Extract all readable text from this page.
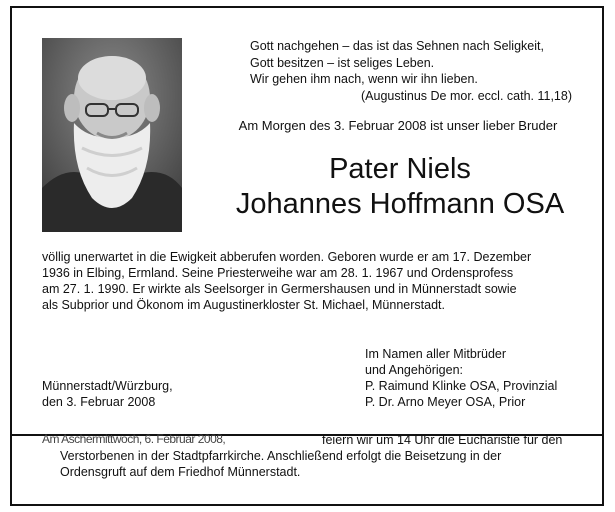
Gott nachgehen – das ist das Sehnen nach Seligkeit,
Gott besitzen – ist seliges Leben.
Wir gehen ihm nach, wenn wir ihn lieben.
(Augustinus De mor. eccl. cath. 11,18)
Am Morgen des 3. Februar 2008 ist unser lieber Bruder
Pater Niels
Johannes Hoffmann OSA
völlig unerwartet in die Ewigkeit abberufen worden. Geboren wurde er am 17. Dezember
1936 in Elbing, Ermland. Seine Priesterweihe war am 28. 1. 1967 und Ordensprofess
am 27. 1. 1990. Er wirkte als Seelsorger in Germershausen und in Münnerstadt sowie
als Subprior und Ökonom im Augustinerkloster St. Michael, Münnerstadt.
Im Namen aller Mitbrüder
und Angehörigen:
P. Raimund Klinke OSA, Provinzial
P. Dr. Arno Meyer OSA, Prior
Münnerstadt/Würzburg,
den 3. Februar 2008
Am Aschermittwoch, 6. Februar 2008,	feiern wir um 14 Uhr die Eucharistie für den
Verstorbenen in der Stadtpfarrkirche. Anschließend erfolgt die Beisetzung in der
Ordensgruft auf dem Friedhof Münnerstadt.
